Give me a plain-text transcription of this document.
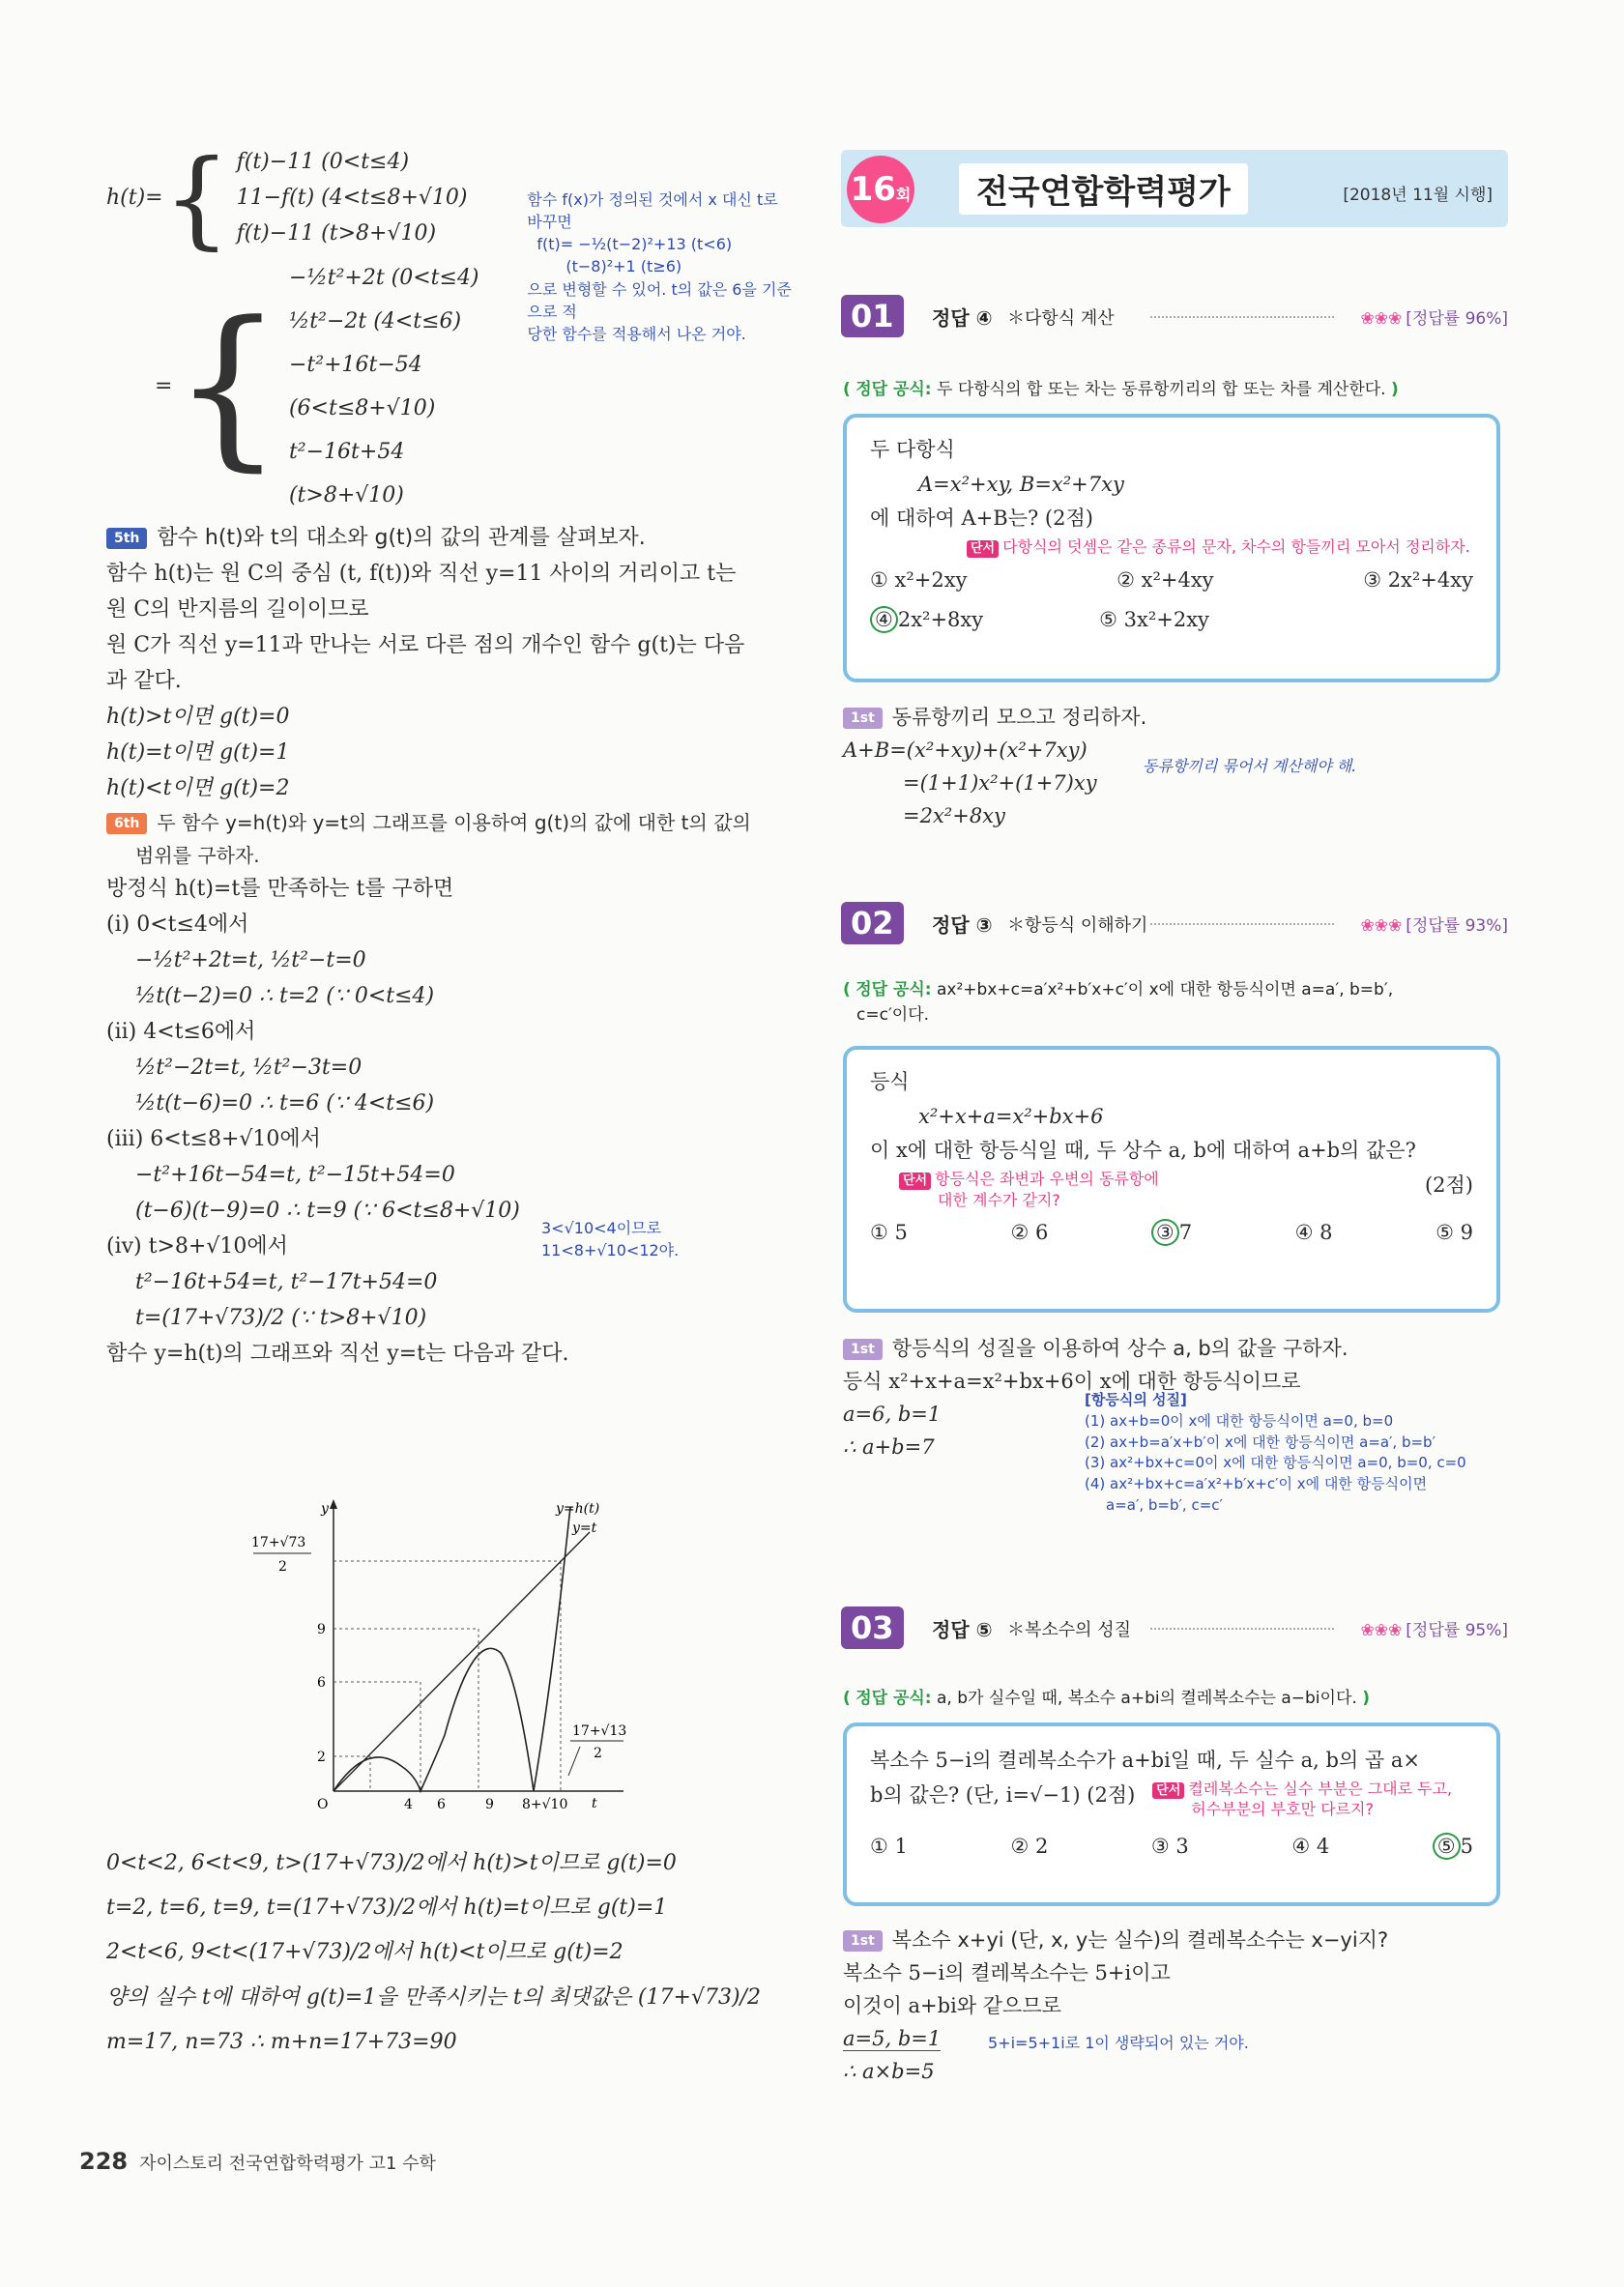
h(t)= { f(t)−11 (0<t≤4)
11−f(t) (4<t≤8+√10)
f(t)−11 (t>8+√10)
= {
−½t²+2t (0<t≤4)
½t²−2t (4<t≤6)
−t²+16t−54 (6<t≤8+√10)
t²−16t+54 (t>8+√10)
함수 f(x)가 정의된 것에서 x 대신 t로 바꾸면
f(t)= −½(t−2)²+13 (t<6)
(t−8)²+1 (t≥6)
으로 변형할 수 있어. t의 값은 6을 기준으로 적
당한 함수를 적용해서 나온 거야.
5th 함수 h(t)와 t의 대소와 g(t)의 값의 관계를 살펴보자.
함수 h(t)는 원 C의 중심 (t, f(t))와 직선 y=11 사이의 거리이고 t는
원 C의 반지름의 길이이므로
원 C가 직선 y=11과 만나는 서로 다른 점의 개수인 함수 g(t)는 다음
과 같다.
h(t)>t이면 g(t)=0
h(t)=t이면 g(t)=1
h(t)<t이면 g(t)=2
6th 두 함수 y=h(t)와 y=t의 그래프를 이용하여 g(t)의 값에 대한 t의 값의
범위를 구하자.
방정식 h(t)=t를 만족하는 t를 구하면
(i) 0<t≤4에서
−½t²+2t=t, ½t²−t=0
½t(t−2)=0 ∴ t=2 (∵ 0<t≤4)
(ii) 4<t≤6에서
½t²−2t=t, ½t²−3t=0
½t(t−6)=0 ∴ t=6 (∵ 4<t≤6)
(iii) 6<t≤8+√10에서
−t²+16t−54=t, t²−15t+54=0
(t−6)(t−9)=0 ∴ t=9 (∵ 6<t≤8+√10)
3<√10<4이므로
11<8+√10<12야.
(iv) t>8+√10에서
t²−16t+54=t, t²−17t+54=0
t=(17+√73)/2 (∵ t>8+√10)
함수 y=h(t)의 그래프와 직선 y=t는 다음과 같다.
y
t
O
y=h(t)
y=t
17+√73
2
9
6
2
4 6	9 8+√10
17+√13
2
0<t<2, 6<t<9, t>(17+√73)/2에서 h(t)>t이므로 g(t)=0
t=2, t=6, t=9, t=(17+√73)/2에서 h(t)=t이므로 g(t)=1
2<t<6, 9<t<(17+√73)/2에서 h(t)<t이므로 g(t)=2
양의 실수 t에 대하여 g(t)=1을 만족시키는 t의 최댓값은 (17+√73)/2
m=17, n=73 ∴ m+n=17+73=90
16회	전국연합학력평가	[2018년 11월 시행]
01	정답 ④ ＊다항식 계산	❀❀❀ [정답률 96%]
( 정답 공식: 두 다항식의 합 또는 차는 동류항끼리의 합 또는 차를 계산한다. )
두 다항식
A=x²+xy, B=x²+7xy
에 대하여 A+B는? (2점)
단서 다항식의 덧셈은 같은 종류의 문자, 차수의 항들끼리 모아서 정리하자.
① x²+2xy	② x²+4xy	③ 2x²+4xy
④ 2x²+8xy	⑤ 3x²+2xy
1st 동류항끼리 모으고 정리하자.
A+B=(x²+xy)+(x²+7xy)
=(1+1)x²+(1+7)xy
동류항끼리 묶어서 계산해야 해.
=2x²+8xy
02	정답 ③ ＊항등식 이해하기	❀❀❀ [정답률 93%]
( 정답 공식: ax²+bx+c=a′x²+b′x+c′이 x에 대한 항등식이면 a=a′, b=b′,
c=c′이다.
등식
x²+x+a=x²+bx+6
이 x에 대한 항등식일 때, 두 상수 a, b에 대하여 a+b의 값은?
단서 항등식은 좌변과 우변의 동류항에
대한 계수가 같지?
(2점)
① 5	② 6	③ 7	④ 8	⑤ 9
1st 항등식의 성질을 이용하여 상수 a, b의 값을 구하자.
등식 x²+x+a=x²+bx+6이 x에 대한 항등식이므로
a=6, b=1
∴ a+b=7
[항등식의 성질]
(1) ax+b=0이 x에 대한 항등식이면 a=0, b=0
(2) ax+b=a′x+b′이 x에 대한 항등식이면 a=a′, b=b′
(3) ax²+bx+c=0이 x에 대한 항등식이면 a=0, b=0, c=0
(4) ax²+bx+c=a′x²+b′x+c′이 x에 대한 항등식이면
a=a′, b=b′, c=c′
03	정답 ⑤ ＊복소수의 성질	❀❀❀ [정답률 95%]
( 정답 공식: a, b가 실수일 때, 복소수 a+bi의 켤레복소수는 a−bi이다. )
복소수 5−i의 켤레복소수가 a+bi일 때, 두 실수 a, b의 곱 a×
b의 값은? (단, i=√−1) (2점)	단서 켤레복소수는 실수 부분은 그대로 두고,
허수부분의 부호만 다르지?
① 1	② 2	③ 3	④ 4	⑤ 5
1st 복소수 x+yi (단, x, y는 실수)의 켤레복소수는 x−yi지?
복소수 5−i의 켤레복소수는 5+i이고
이것이 a+bi와 같으므로
a=5, b=1	5+i=5+1i로 1이 생략되어 있는 거야.
∴ a×b=5
228 자이스토리 전국연합학력평가 고1 수학
